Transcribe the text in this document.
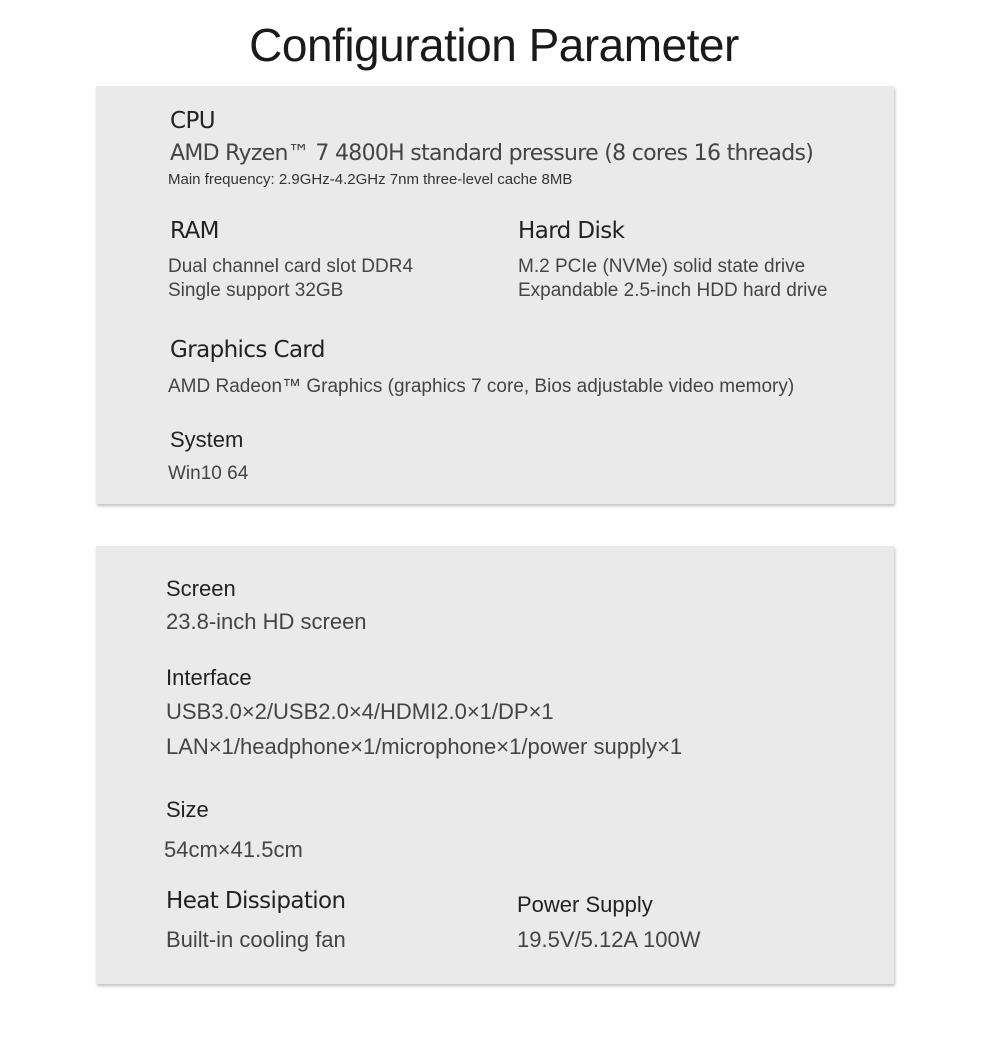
Configuration Parameter
CPU
AMD Ryzen™ 7 4800H standard pressure (8 cores 16 threads)
Main frequency: 2.9GHz-4.2GHz 7nm three-level cache 8MB
RAM
Dual channel card slot DDR4
Single support 32GB
Hard Disk
M.2 PCIe (NVMe) solid state drive
Expandable 2.5-inch HDD hard drive
Graphics Card
AMD Radeon™ Graphics (graphics 7 core, Bios adjustable video memory)
System
Win10 64
Screen
23.8-inch HD screen
Interface
USB3.0×2/USB2.0×4/HDMI2.0×1/DP×1
LAN×1/headphone×1/microphone×1/power supply×1
Size
54cm×41.5cm
Heat Dissipation
Built-in cooling fan
Power Supply
19.5V/5.12A 100W
